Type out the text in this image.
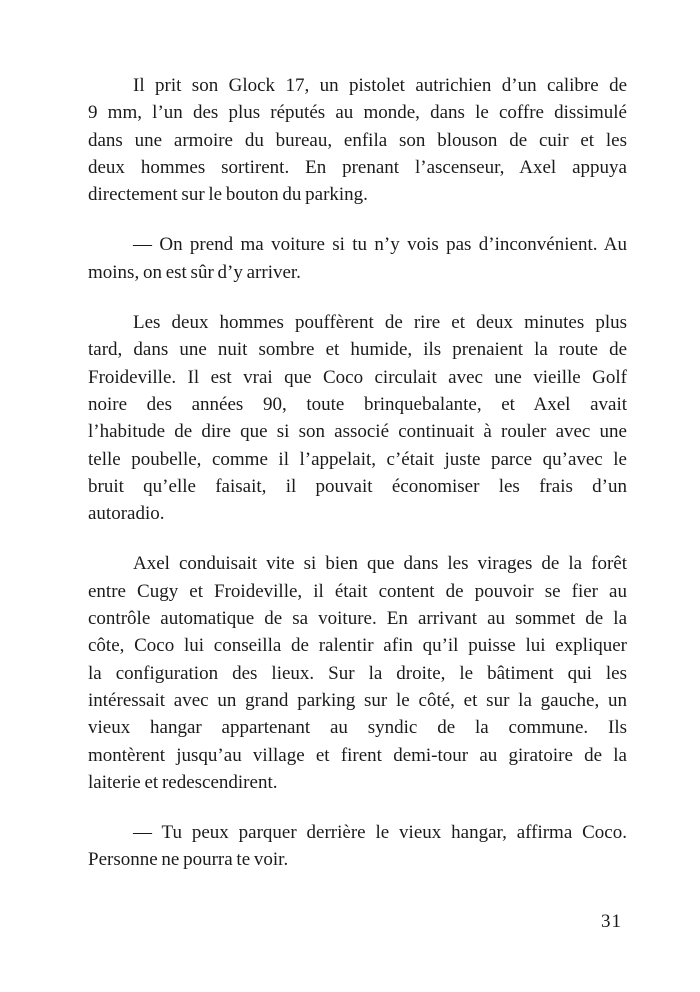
Il prit son Glock 17, un pistolet autrichien d’un calibre de
9 mm, l’un des plus réputés au monde, dans le coffre dissimulé
dans une armoire du bureau, enfila son blouson de cuir et les
deux hommes sortirent. En prenant l’ascenseur, Axel appuya
directement sur le bouton du parking.

— On prend ma voiture si tu n’y vois pas d’inconvénient. Au
moins, on est sûr d’y arriver.

Les deux hommes pouffèrent de rire et deux minutes plus
tard, dans une nuit sombre et humide, ils prenaient la route de
Froideville. Il est vrai que Coco circulait avec une vieille Golf
noire des années 90, toute brinquebalante, et Axel avait
l’habitude de dire que si son associé continuait à rouler avec une
telle poubelle, comme il l’appelait, c’était juste parce qu’avec le
bruit qu’elle faisait, il pouvait économiser les frais d’un
autoradio.

Axel conduisait vite si bien que dans les virages de la forêt
entre Cugy et Froideville, il était content de pouvoir se fier au
contrôle automatique de sa voiture. En arrivant au sommet de la
côte, Coco lui conseilla de ralentir afin qu’il puisse lui expliquer
la configuration des lieux. Sur la droite, le bâtiment qui les
intéressait avec un grand parking sur le côté, et sur la gauche, un
vieux hangar appartenant au syndic de la commune. Ils
montèrent jusqu’au village et firent demi-tour au giratoire de la
laiterie et redescendirent.

— Tu peux parquer derrière le vieux hangar, affirma Coco.
Personne ne pourra te voir.

31
